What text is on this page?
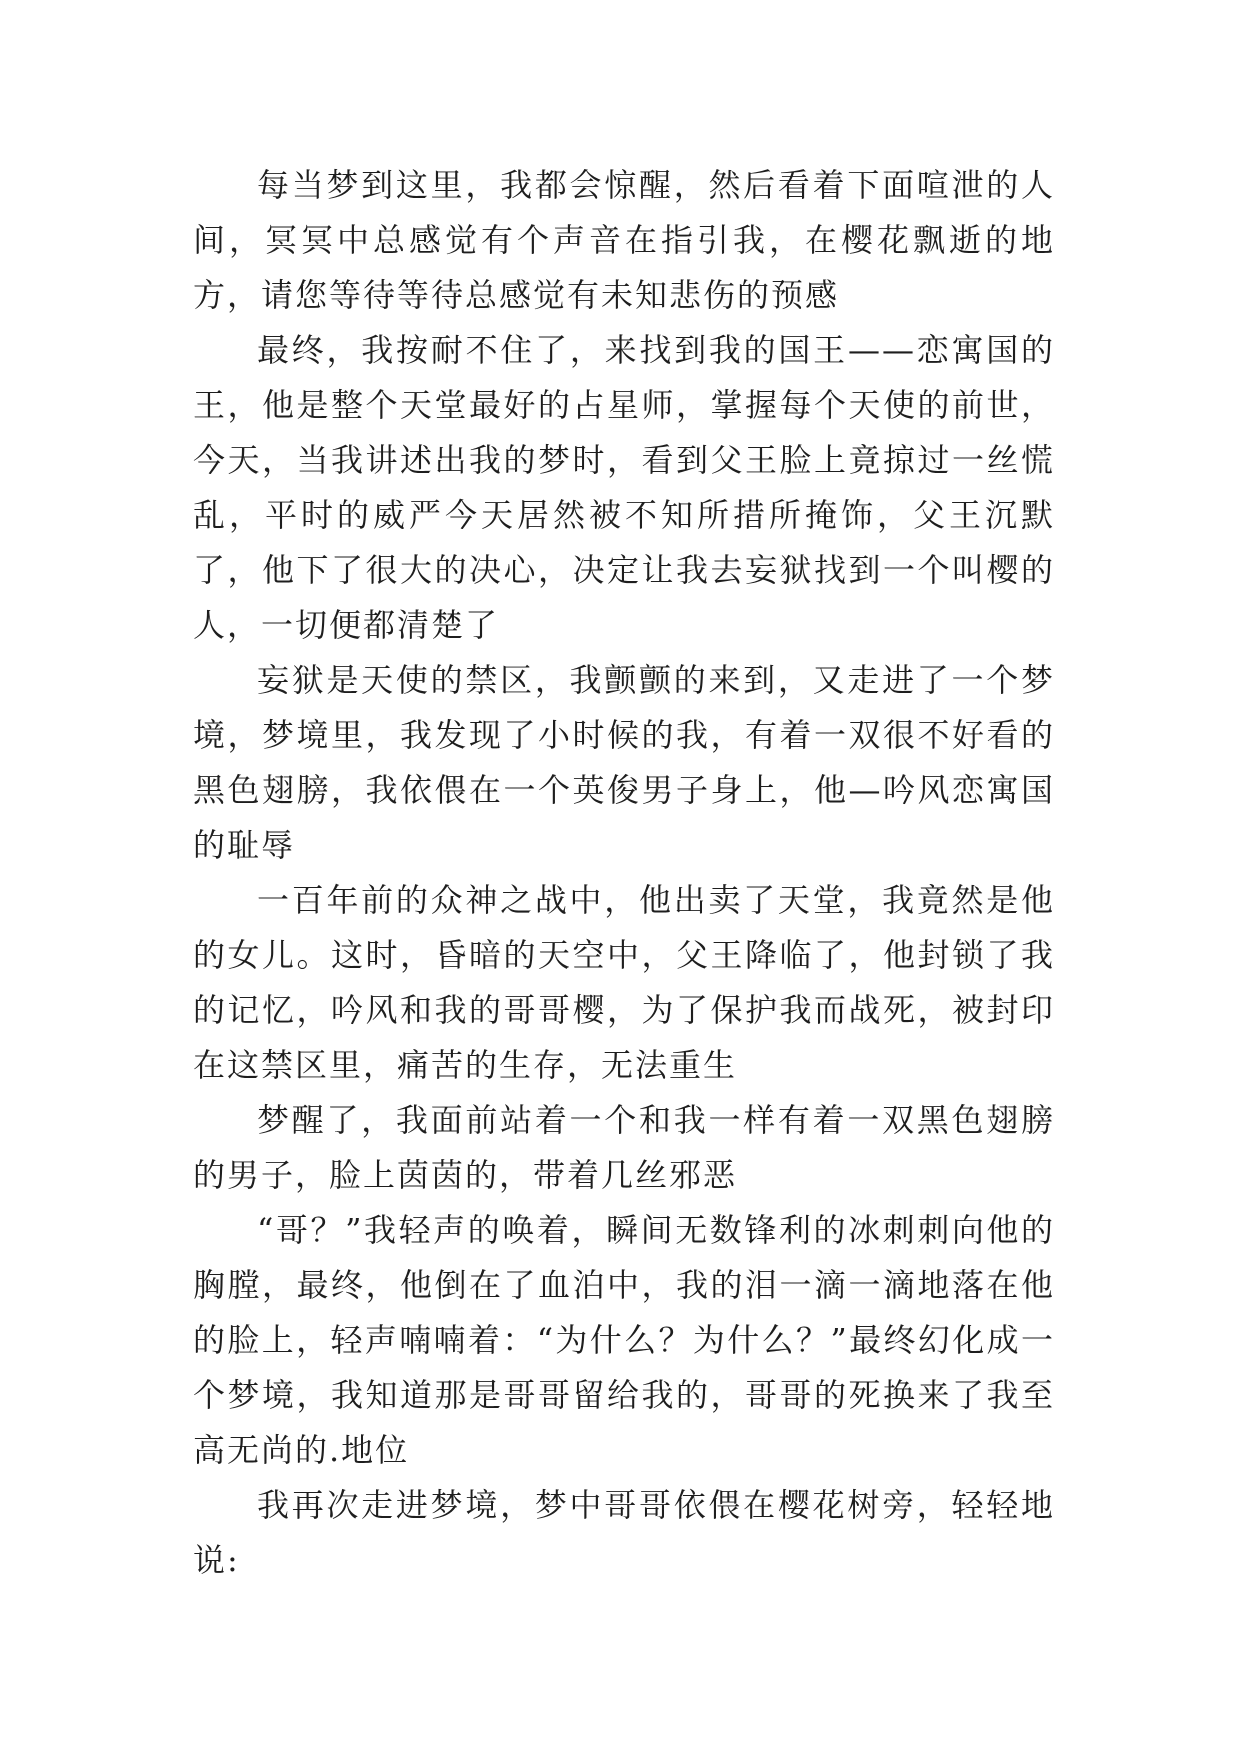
每当梦到这里，我都会惊醒，然后看着下面喧泄的人间，冥冥中总感觉有个声音在指引我，在樱花飘逝的地方，请您等待等待总感觉有未知悲伤的预感

最终，我按耐不住了，来找到我的国王——恋寓国的王，他是整个天堂最好的占星师，掌握每个天使的前世，今天，当我讲述出我的梦时，看到父王脸上竟掠过一丝慌乱，平时的威严今天居然被不知所措所掩饰，父王沉默了，他下了很大的决心，决定让我去妄狱找到一个叫樱的人，一切便都清楚了

妄狱是天使的禁区，我颤颤的来到，又走进了一个梦境，梦境里，我发现了小时候的我，有着一双很不好看的黑色翅膀，我依偎在一个英俊男子身上，他—吟风恋寓国的耻辱

一百年前的众神之战中，他出卖了天堂，我竟然是他的女儿。这时，昏暗的天空中，父王降临了，他封锁了我的记忆，吟风和我的哥哥樱，为了保护我而战死，被封印在这禁区里，痛苦的生存，无法重生

梦醒了，我面前站着一个和我一样有着一双黑色翅膀的男子，脸上茵茵的，带着几丝邪恶

“哥？”我轻声的唤着，瞬间无数锋利的冰刺刺向他的胸膛，最终，他倒在了血泊中，我的泪一滴一滴地落在他的脸上，轻声喃喃着：“为什么？为什么？”最终幻化成一个梦境，我知道那是哥哥留给我的，哥哥的死换来了我至高无尚的.地位

我再次走进梦境，梦中哥哥依偎在樱花树旁，轻轻地说:
